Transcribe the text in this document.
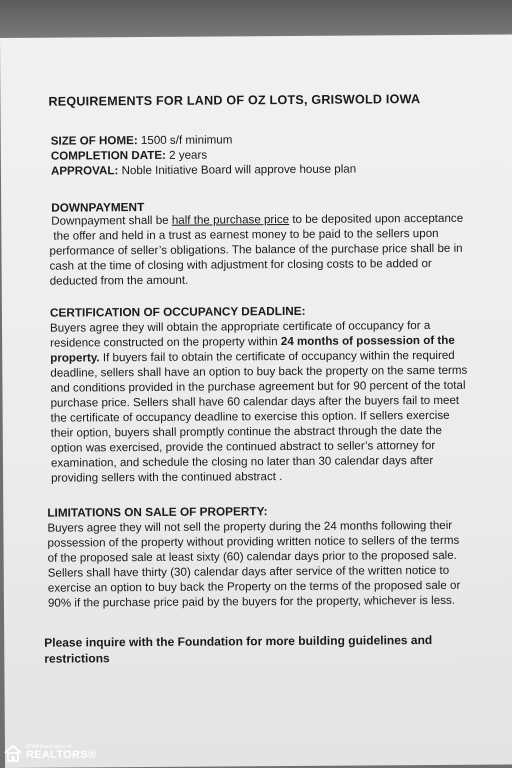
REQUIREMENTS FOR LAND OF OZ LOTS, GRISWOLD IOWA
SIZE OF HOME: 1500 s/f minimum
COMPLETION DATE: 2 years
APPROVAL: Noble Initiative Board will approve house plan
DOWNPAYMENT
Downpayment shall be half the purchase price to be deposited upon acceptance
the offer and held in a trust as earnest money to be paid to the sellers upon
performance of seller’s obligations. The balance of the purchase price shall be in
cash at the time of closing with adjustment for closing costs to be added or
deducted from the amount.
CERTIFICATION OF OCCUPANCY DEADLINE:
Buyers agree they will obtain the appropriate certificate of occupancy for a
residence constructed on the property within 24 months of possession of the
property. If buyers fail to obtain the certificate of occupancy within the required
deadline, sellers shall have an option to buy back the property on the same terms
and conditions provided in the purchase agreement but for 90 percent of the total
purchase price. Sellers shall have 60 calendar days after the buyers fail to meet
the certificate of occupancy deadline to exercise this option. If sellers exercise
their option, buyers shall promptly continue the abstract through the date the
option was exercised, provide the continued abstract to seller’s attorney for
examination, and schedule the closing no later than 30 calendar days after
providing sellers with the continued abstract .
LIMITATIONS ON SALE OF PROPERTY:
Buyers agree they will not sell the property during the 24 months following their
possession of the property without providing written notice to sellers of the terms
of the proposed sale at least sixty (60) calendar days prior to the proposed sale.
Sellers shall have thirty (30) calendar days after service of the written notice to
exercise an option to buy back the Property on the terms of the proposed sale or
90% if the purchase price paid by the buyers for the property, whichever is less.
Please inquire with the Foundation for more building guidelines and
restrictions
IOWA Association of
REALTORS®
